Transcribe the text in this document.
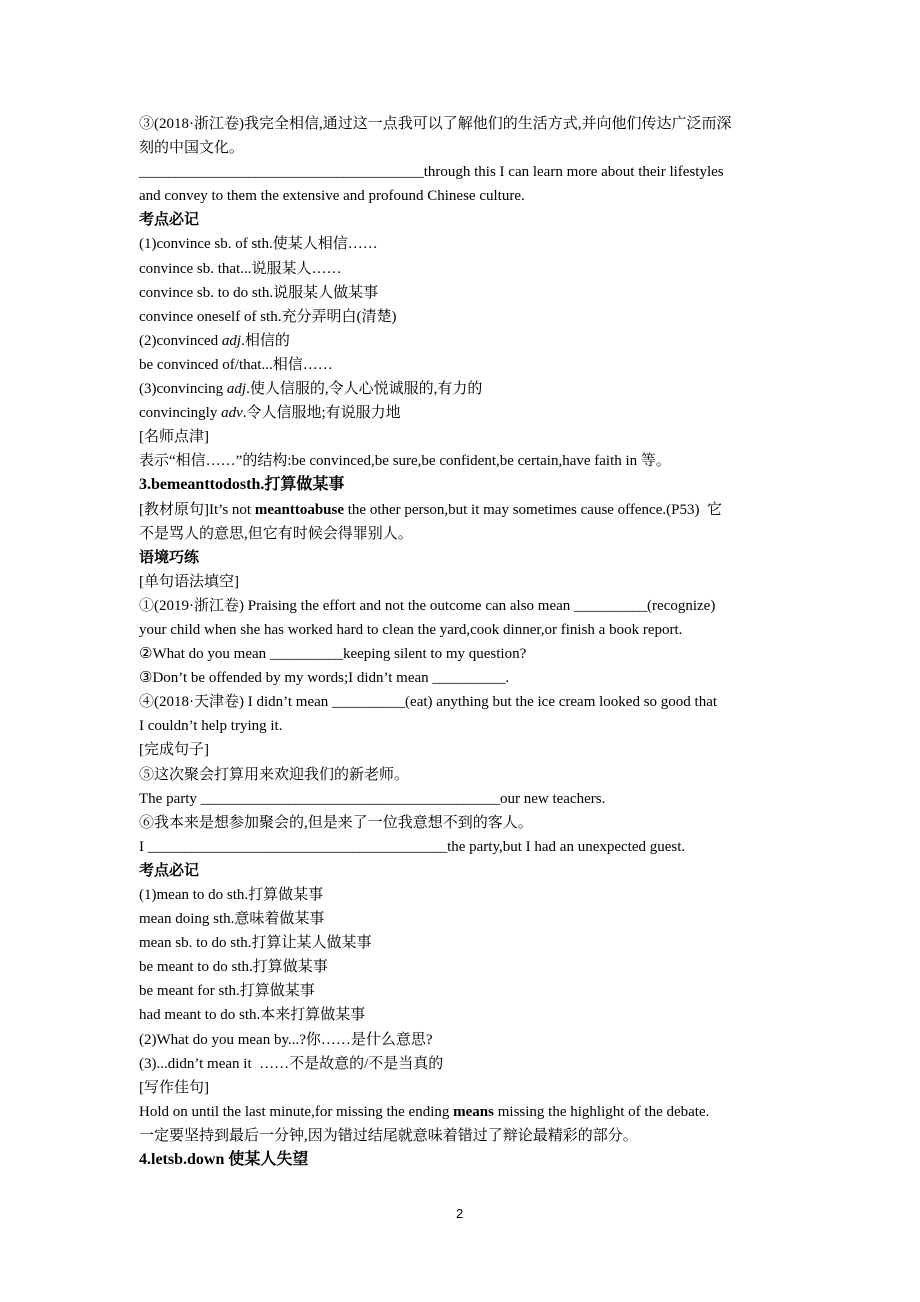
③(2018·浙江卷)我完全相信,通过这一点我可以了解他们的生活方式,并向他们传达广泛而深
刻的中国文化。
_______________________________________through this I can learn more about their lifestyles
and convey to them the extensive and profound Chinese culture.
考点必记
(1)convince sb. of sth.使某人相信……
convince sb. that...说服某人……
convince sb. to do sth.说服某人做某事
convince oneself of sth.充分弄明白(清楚)
(2)convinced adj.相信的
be convinced of/that...相信……
(3)convincing adj.使人信服的,令人心悦诚服的,有力的
convincingly adv.令人信服地;有说服力地
[名师点津]
表示“相信……”的结构:be convinced,be sure,be confident,be certain,have faith in 等。
3.bemeanttodosth.打算做某事
[教材原句]It’s not meanttoabuse the other person,but it may sometimes cause offence.(P53)  它
不是骂人的意思,但它有时候会得罪别人。
语境巧练
[单句语法填空]
①(2019·浙江卷) Praising the effort and not the outcome can also mean __________(recognize)
your child when she has worked hard to clean the yard,cook dinner,or finish a book report.
②What do you mean __________keeping silent to my question?
③Don’t be offended by my words;I didn’t mean __________.
④(2018·天津卷) I didn’t mean __________(eat) anything but the ice cream looked so good that
I couldn’t help trying it.
[完成句子]
⑤这次聚会打算用来欢迎我们的新老师。
The party _________________________________________our new teachers.
⑥我本来是想参加聚会的,但是来了一位我意想不到的客人。
I _________________________________________the party,but I had an unexpected guest.
考点必记
(1)mean to do sth.打算做某事
mean doing sth.意味着做某事
mean sb. to do sth.打算让某人做某事
be meant to do sth.打算做某事
be meant for sth.打算做某事
had meant to do sth.本来打算做某事
(2)What do you mean by...?你……是什么意思?
(3)...didn’t mean it  ……不是故意的/不是当真的
[写作佳句]
Hold on until the last minute,for missing the ending means missing the highlight of the debate.
一定要坚持到最后一分钟,因为错过结尾就意味着错过了辩论最精彩的部分。
4.letsb.down 使某人失望
2
